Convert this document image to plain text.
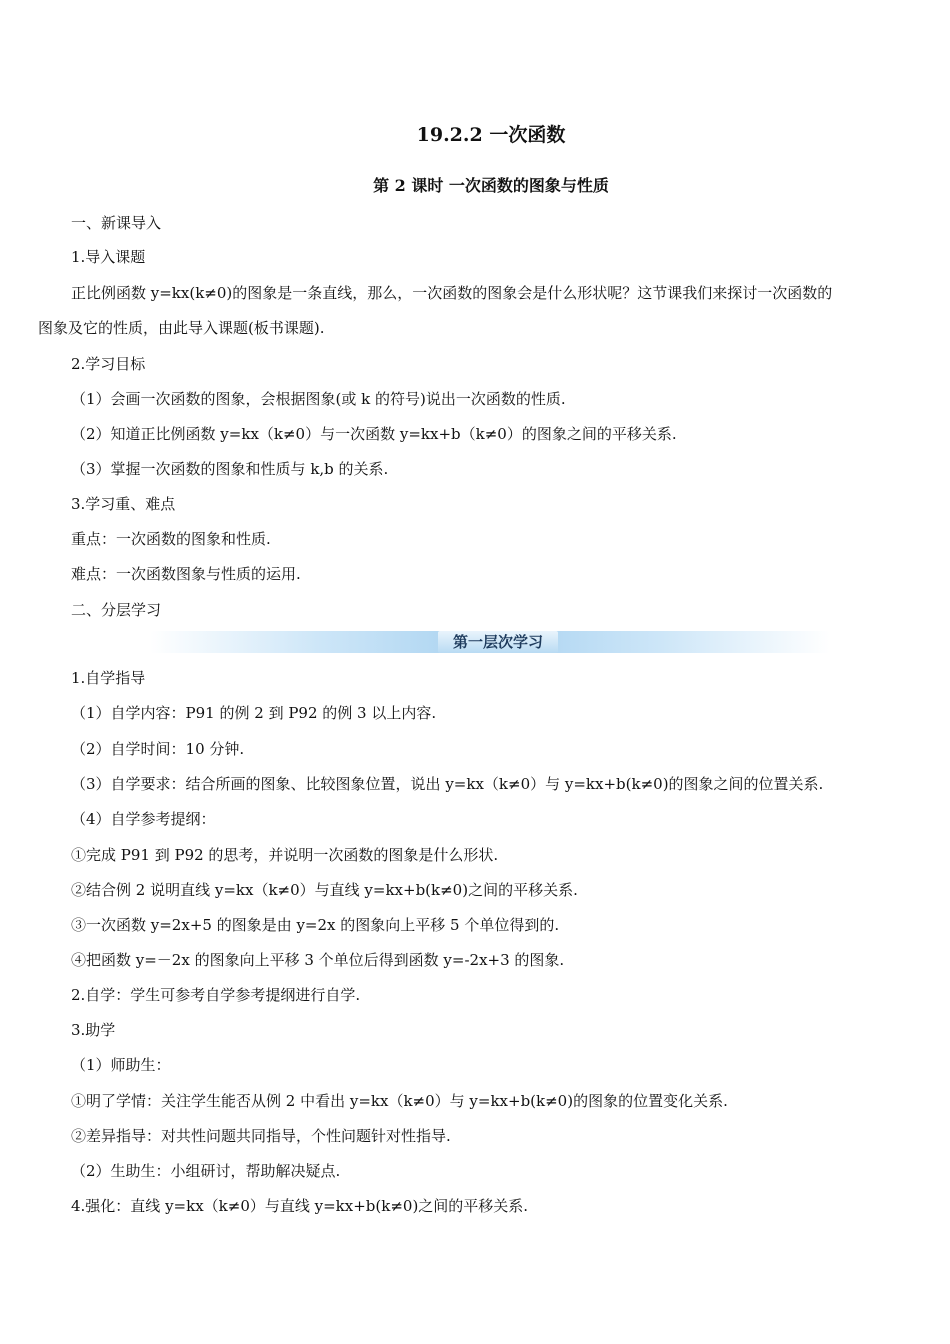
19.2.2 一次函数
第 2 课时 一次函数的图象与性质
一、新课导入
1.导入课题
正比例函数 y=kx(k≠0)的图象是一条直线，那么，一次函数的图象会是什么形状呢？这节课我们来探讨一次函数的
图象及它的性质，由此导入课题(板书课题).
2.学习目标
（1）会画一次函数的图象，会根据图象(或 k 的符号)说出一次函数的性质.
（2）知道正比例函数 y=kx（k≠0）与一次函数 y=kx+b（k≠0）的图象之间的平移关系.
（3）掌握一次函数的图象和性质与 k,b 的关系.
3.学习重、难点
重点：一次函数的图象和性质.
难点：一次函数图象与性质的运用.
二、分层学习
第一层次学习
1.自学指导
（1）自学内容：P91 的例 2 到 P92 的例 3 以上内容.
（2）自学时间：10 分钟.
（3）自学要求：结合所画的图象、比较图象位置，说出 y=kx（k≠0）与 y=kx+b(k≠0)的图象之间的位置关系.
（4）自学参考提纲：
①完成 P91 到 P92 的思考，并说明一次函数的图象是什么形状.
②结合例 2 说明直线 y=kx（k≠0）与直线 y=kx+b(k≠0)之间的平移关系.
③一次函数 y=2x+5 的图象是由 y=2x 的图象向上平移 5 个单位得到的.
④把函数 y=－2x 的图象向上平移 3 个单位后得到函数 y=-2x+3 的图象.
2.自学：学生可参考自学参考提纲进行自学.
3.助学
（1）师助生：
①明了学情：关注学生能否从例 2 中看出 y=kx（k≠0）与 y=kx+b(k≠0)的图象的位置变化关系.
②差异指导：对共性问题共同指导，个性问题针对性指导.
（2）生助生：小组研讨，帮助解决疑点.
4.强化：直线 y=kx（k≠0）与直线 y=kx+b(k≠0)之间的平移关系.
